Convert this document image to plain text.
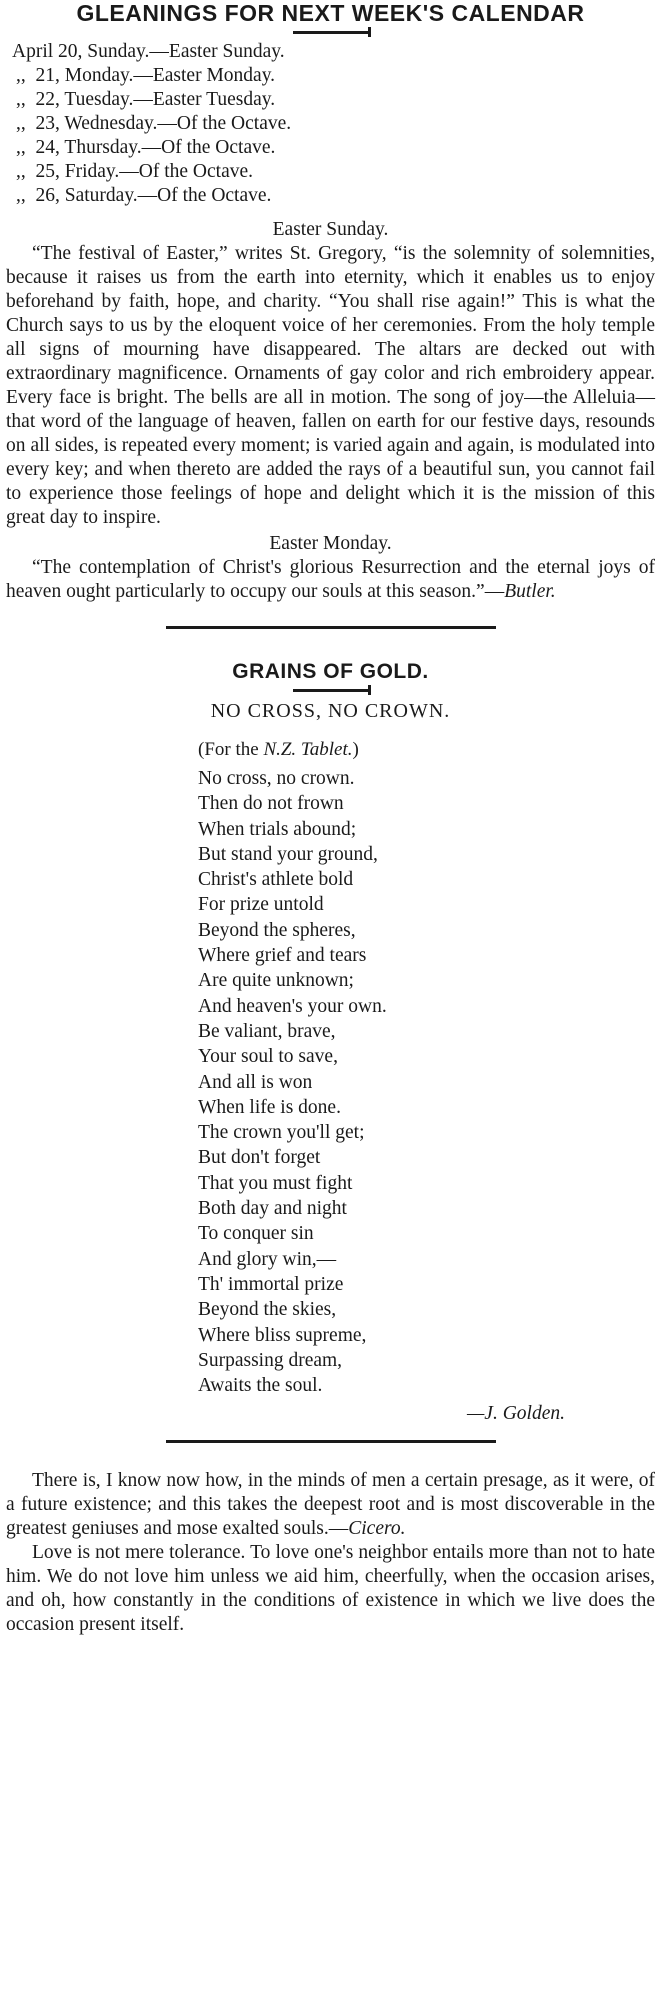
GLEANINGS FOR NEXT WEEK'S CALENDAR
April 20, Sunday.—Easter Sunday.
,,  21, Monday.—Easter Monday.
,,  22, Tuesday.—Easter Tuesday.
,,  23, Wednesday.—Of the Octave.
,,  24, Thursday.—Of the Octave.
,,  25, Friday.—Of the Octave.
,,  26, Saturday.—Of the Octave.

Easter Sunday.

“The festival of Easter,” writes St. Gregory, “is the solemnity of solemnities, because it raises us from the earth into eternity, which it enables us to enjoy beforehand by faith, hope, and charity. “You shall rise again!” This is what the Church says to us by the eloquent voice of her ceremonies. From the holy temple all signs of mourning have disappeared. The altars are decked out with extraordinary magnificence. Ornaments of gay color and rich embroidery appear. Every face is bright. The bells are all in motion. The song of joy—the Alleluia—that word of the language of heaven, fallen on earth for our festive days, resounds on all sides, is repeated every moment; is varied again and again, is modulated into every key; and when thereto are added the rays of a beautiful sun, you cannot fail to experience those feelings of hope and delight which it is the mission of this great day to inspire.

Easter Monday.

“The contemplation of Christ's glorious Resurrection and the eternal joys of heaven ought particularly to occupy our souls at this season.”—Butler.

GRAINS OF GOLD.

NO CROSS, NO CROWN.

(For the N.Z. Tablet.)

No cross, no crown.
Then do not frown
When trials abound;
But stand your ground,
Christ's athlete bold
For prize untold
Beyond the spheres,
Where grief and tears
Are quite unknown;
And heaven's your own.
Be valiant, brave,
Your soul to save,
And all is won
When life is done.
The crown you'll get;
But don't forget
That you must fight
Both day and night
To conquer sin
And glory win,—
Th' immortal prize
Beyond the skies,
Where bliss supreme,
Surpassing dream,
Awaits the soul.

—J. Golden.

There is, I know now how, in the minds of men a certain presage, as it were, of a future existence; and this takes the deepest root and is most discoverable in the greatest geniuses and mose exalted souls.—Cicero.

Love is not mere tolerance. To love one's neighbor entails more than not to hate him. We do not love him unless we aid him, cheerfully, when the occasion arises, and oh, how constantly in the conditions of existence in which we live does the occasion present itself.
